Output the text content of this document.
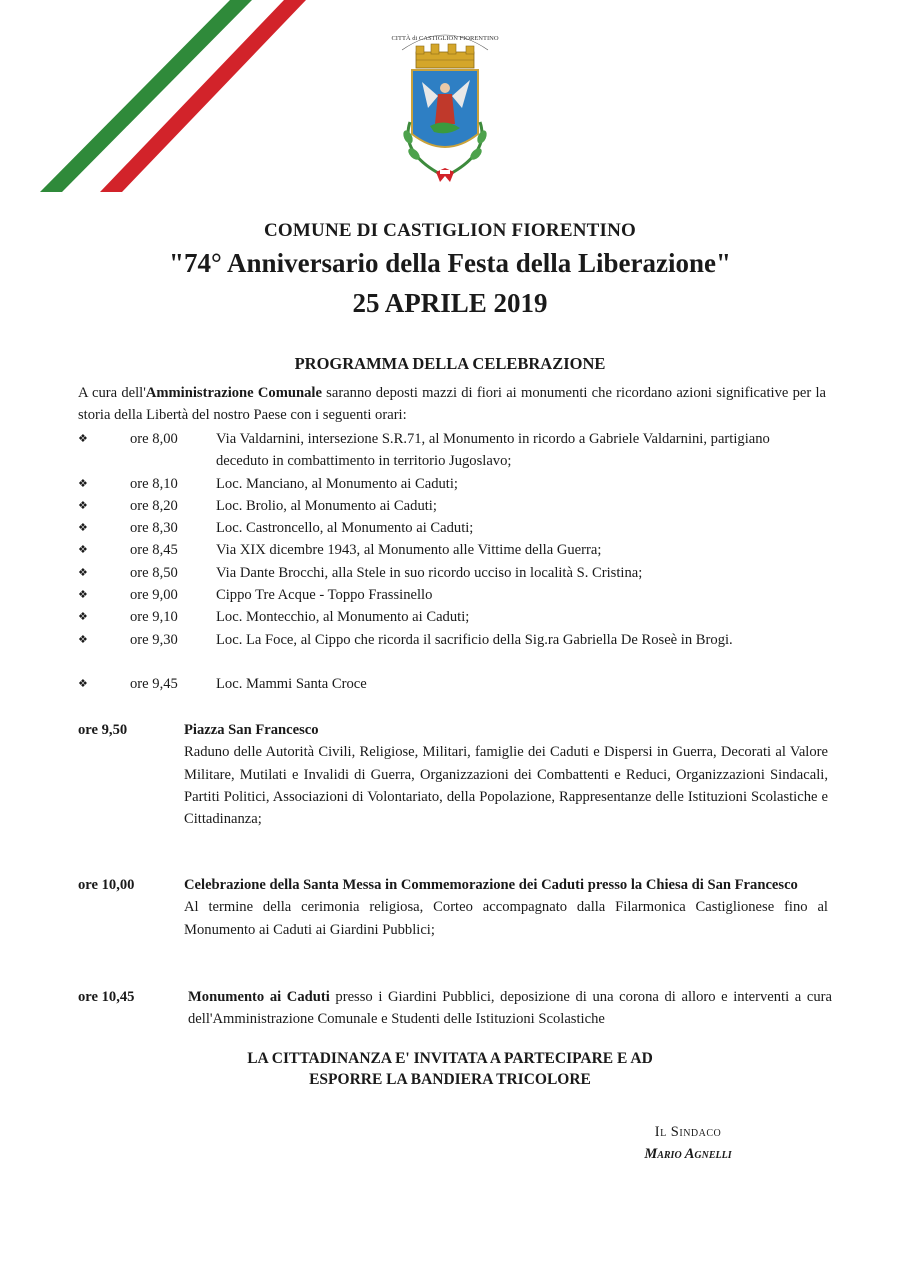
CITTÀ di CASTIGLION FIORENTINO
COMUNE DI CASTIGLION FIORENTINO
"74° Anniversario della Festa della Liberazione"
25 APRILE 2019
PROGRAMMA DELLA CELEBRAZIONE
A cura dell'Amministrazione Comunale saranno deposti mazzi di fiori ai monumenti che ricordano azioni significative per la storia della Libertà del nostro Paese con i seguenti orari:
❖	ore 8,00	Via Valdarnini, intersezione S.R.71, al Monumento in ricordo a Gabriele Valdarnini, partigiano deceduto in combattimento in territorio Jugoslavo;
❖	ore 8,10	Loc. Manciano, al Monumento ai Caduti;
❖	ore 8,20	Loc. Brolio, al Monumento ai Caduti;
❖	ore 8,30	Loc. Castroncello, al Monumento ai Caduti;
❖	ore 8,45	Via XIX dicembre 1943, al Monumento alle Vittime della Guerra;
❖	ore 8,50	Via Dante Brocchi, alla Stele in suo ricordo ucciso in località S. Cristina;
❖	ore 9,00	Cippo Tre Acque - Toppo Frassinello
❖	ore 9,10	Loc. Montecchio, al Monumento ai Caduti;
❖	ore 9,30	Loc. La Foce, al Cippo che ricorda il sacrificio della Sig.ra Gabriella De Roseè in Brogi.
❖	ore 9,45	Loc. Mammi Santa Croce
ore 9,50	Piazza San Francesco
Raduno delle Autorità Civili, Religiose, Militari, famiglie dei Caduti e Dispersi in Guerra, Decorati al Valore Militare, Mutilati e Invalidi di Guerra, Organizzazioni dei Combattenti e Reduci, Organizzazioni Sindacali, Partiti Politici, Associazioni di Volontariato, della Popolazione, Rappresentanze delle Istituzioni Scolastiche e Cittadinanza;
ore 10,00	Celebrazione della Santa Messa in Commemorazione dei Caduti presso la Chiesa di San Francesco
Al termine della cerimonia religiosa, Corteo accompagnato dalla Filarmonica Castiglionese fino al Monumento ai Caduti ai Giardini Pubblici;
ore 10,45	Monumento ai Caduti presso i Giardini Pubblici, deposizione di una corona di alloro e interventi a cura dell'Amministrazione Comunale e Studenti delle Istituzioni Scolastiche
LA CITTADINANZA E' INVITATA A PARTECIPARE E AD
ESPORRE LA BANDIERA TRICOLORE
Il Sindaco
Mario Agnelli
